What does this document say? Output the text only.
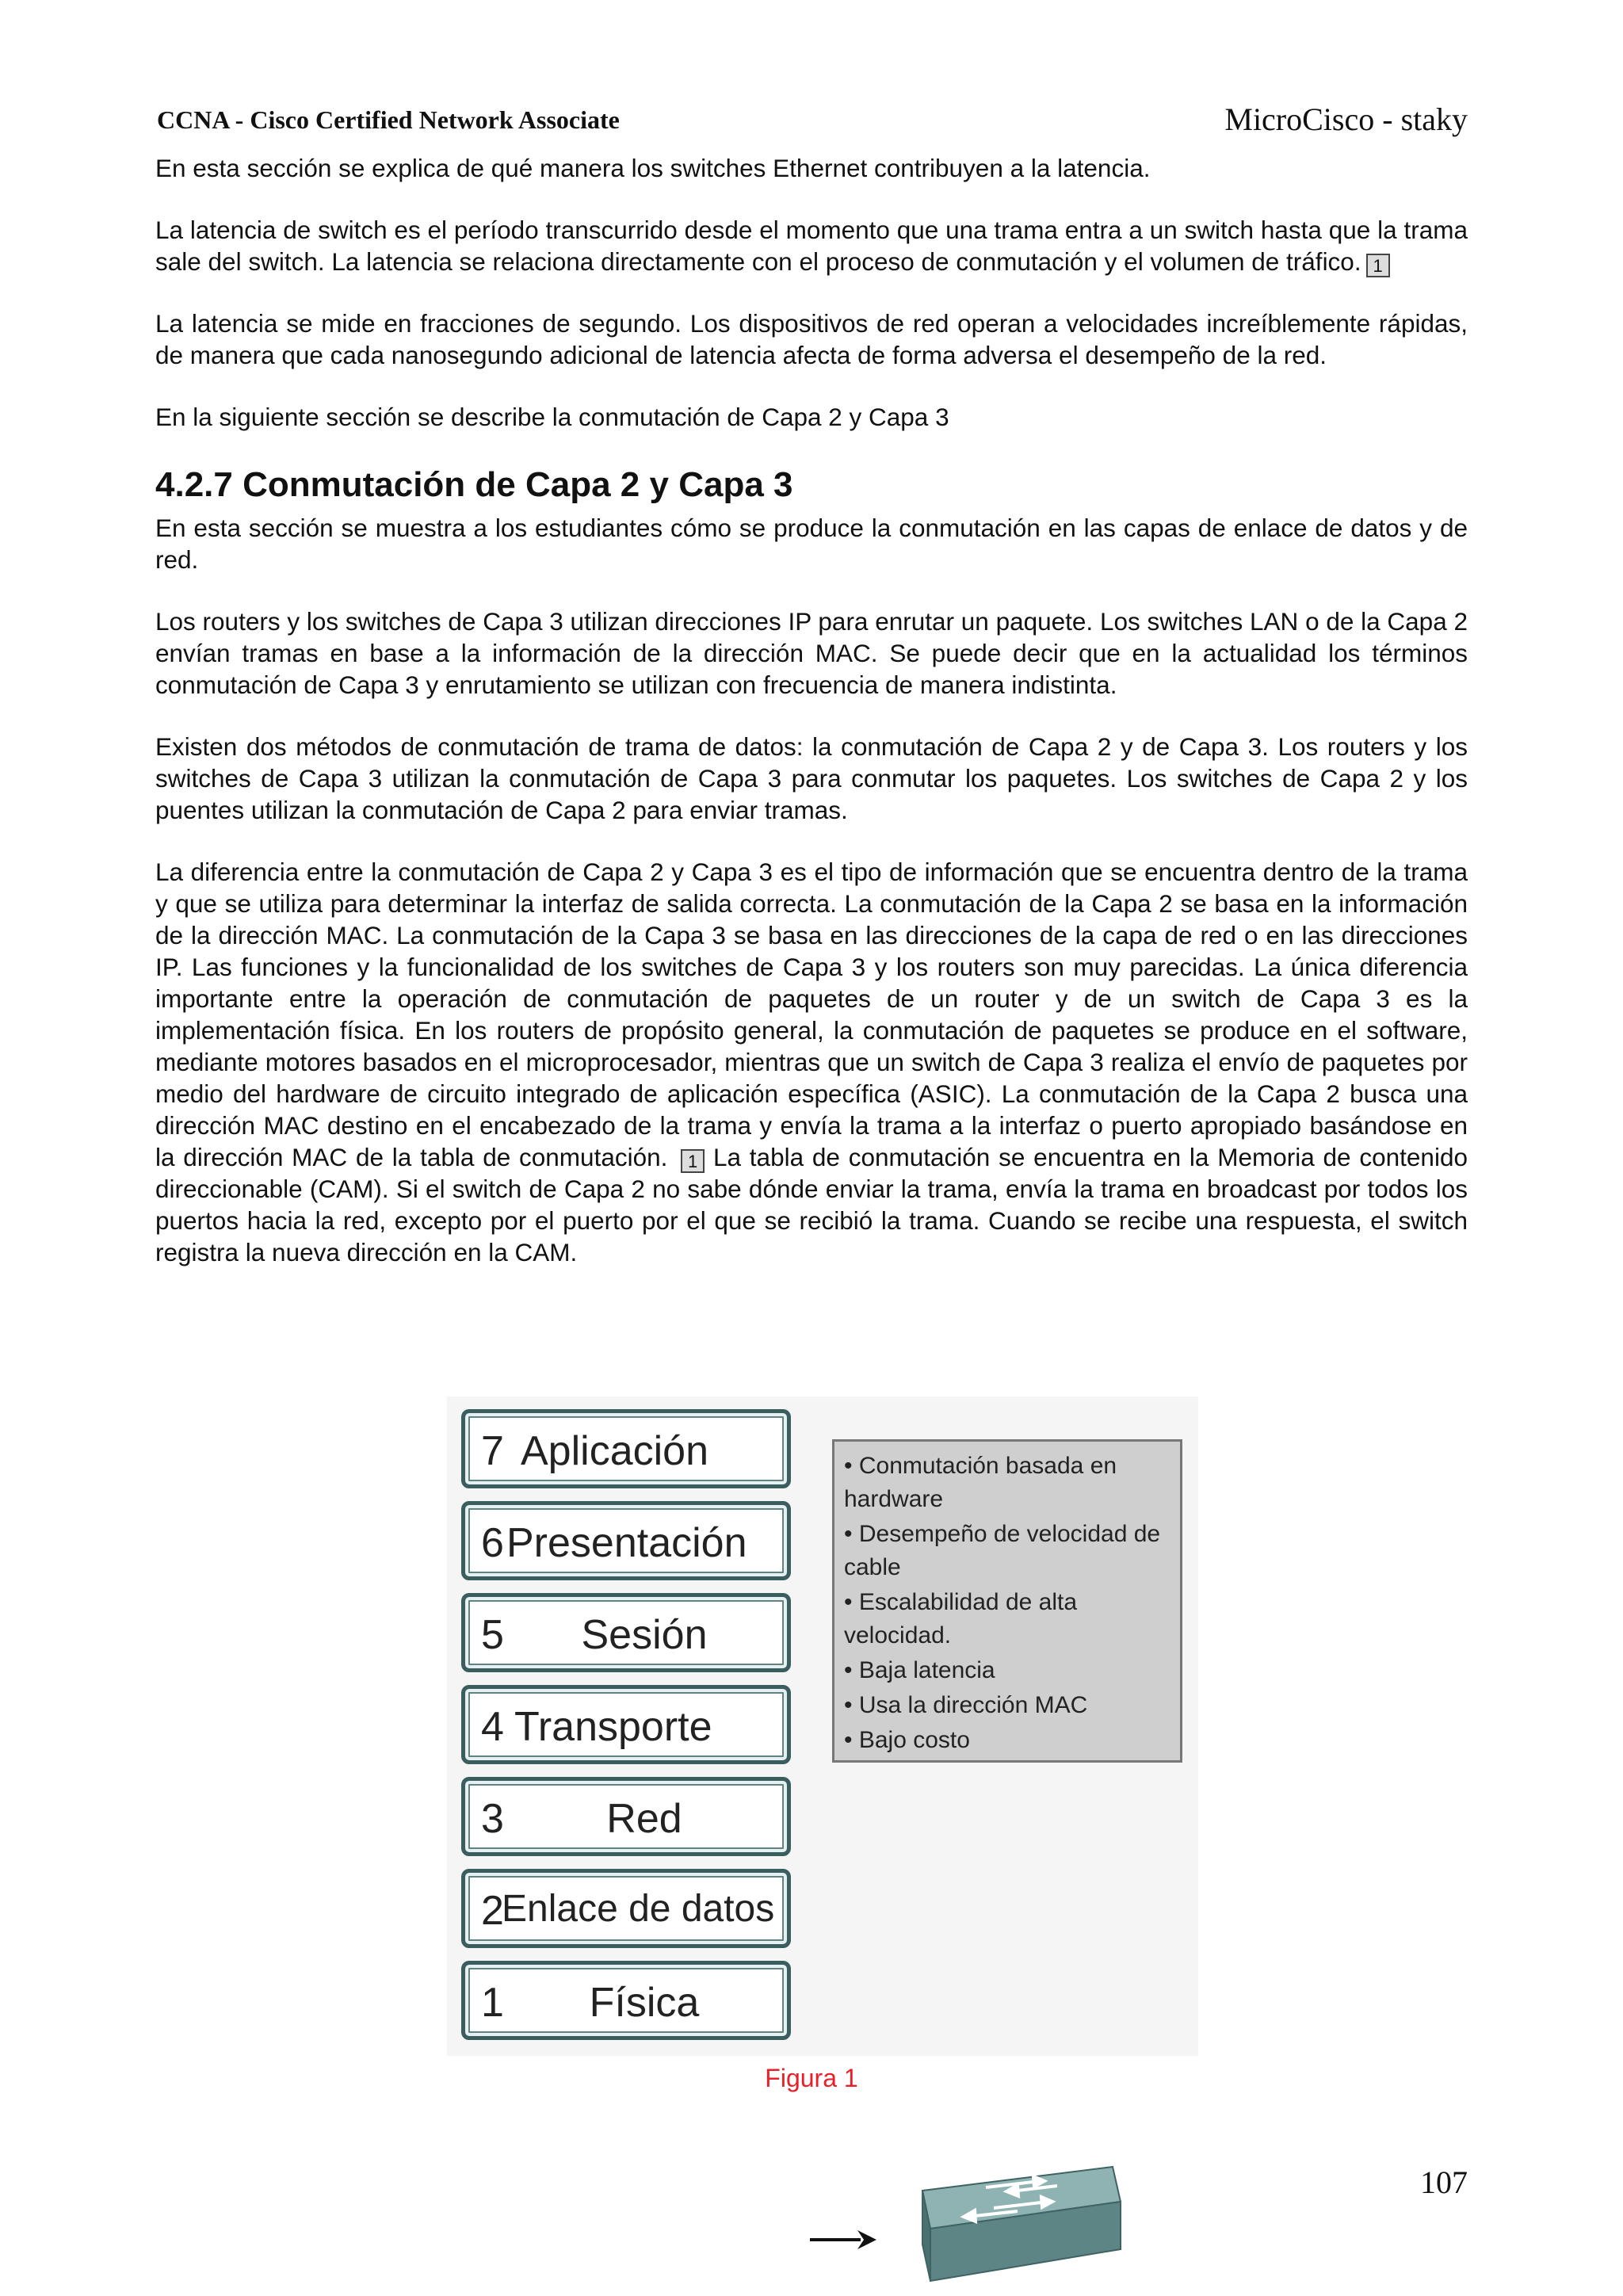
CCNA - Cisco Certified Network Associate	MicroCisco - staky

En esta sección se explica de qué manera los switches Ethernet contribuyen a la latencia.

La latencia de switch es el período transcurrido desde el momento que una trama entra a un switch hasta que la trama sale del switch. La latencia se relaciona directamente con el proceso de conmutación y el volumen de tráfico. 1

La latencia se mide en fracciones de segundo. Los dispositivos de red operan a velocidades increíblemente rápidas, de manera que cada nanosegundo adicional de latencia afecta de forma adversa el desempeño de la red.

En la siguiente sección se describe la conmutación de Capa 2 y Capa 3

4.2.7 Conmutación de Capa 2 y Capa 3

En esta sección se muestra a los estudiantes cómo se produce la conmutación en las capas de enlace de datos y de red.

Los routers y los switches de Capa 3 utilizan direcciones IP para enrutar un paquete. Los switches LAN o de la Capa 2 envían tramas en base a la información de la dirección MAC. Se puede decir que en la actualidad los términos conmutación de Capa 3 y enrutamiento se utilizan con frecuencia de manera indistinta.

Existen dos métodos de conmutación de trama de datos: la conmutación de Capa 2 y de Capa 3. Los routers y los switches de Capa 3 utilizan la conmutación de Capa 3 para conmutar los paquetes. Los switches de Capa 2 y los puentes utilizan la conmutación de Capa 2 para enviar tramas.

La diferencia entre la conmutación de Capa 2 y Capa 3 es el tipo de información que se encuentra dentro de la trama y que se utiliza para determinar la interfaz de salida correcta. La conmutación de la Capa 2 se basa en la información de la dirección MAC. La conmutación de la Capa 3 se basa en las direcciones de la capa de red o en las direcciones IP. Las funciones y la funcionalidad de los switches de Capa 3 y los routers son muy parecidas. La única diferencia importante entre la operación de conmutación de paquetes de un router y de un switch de Capa 3 es la implementación física. En los routers de propósito general, la conmutación de paquetes se produce en el software, mediante motores basados en el microprocesador, mientras que un switch de Capa 3 realiza el envío de paquetes por medio del hardware de circuito integrado de aplicación específica (ASIC). La conmutación de la Capa 2 busca una dirección MAC destino en el encabezado de la trama y envía la trama a la interfaz o puerto apropiado basándose en la dirección MAC de la tabla de conmutación. 1 La tabla de conmutación se encuentra en la Memoria de contenido direccionable (CAM). Si el switch de Capa 2 no sabe dónde enviar la trama, envía la trama en broadcast por todos los puertos hacia la red, excepto por el puerto por el que se recibió la trama. Cuando se recibe una respuesta, el switch registra la nueva dirección en la CAM.

7 Aplicación
6 Presentación
5	Sesión
4 Transporte
3	Red
2
Enlace de datos
1	Física
• Conmutación basada en hardware
• Desempeño de velocidad de cable
• Escalabilidad de alta velocidad.
• Baja latencia
• Usa la dirección MAC
• Bajo costo
Figura 1
107
